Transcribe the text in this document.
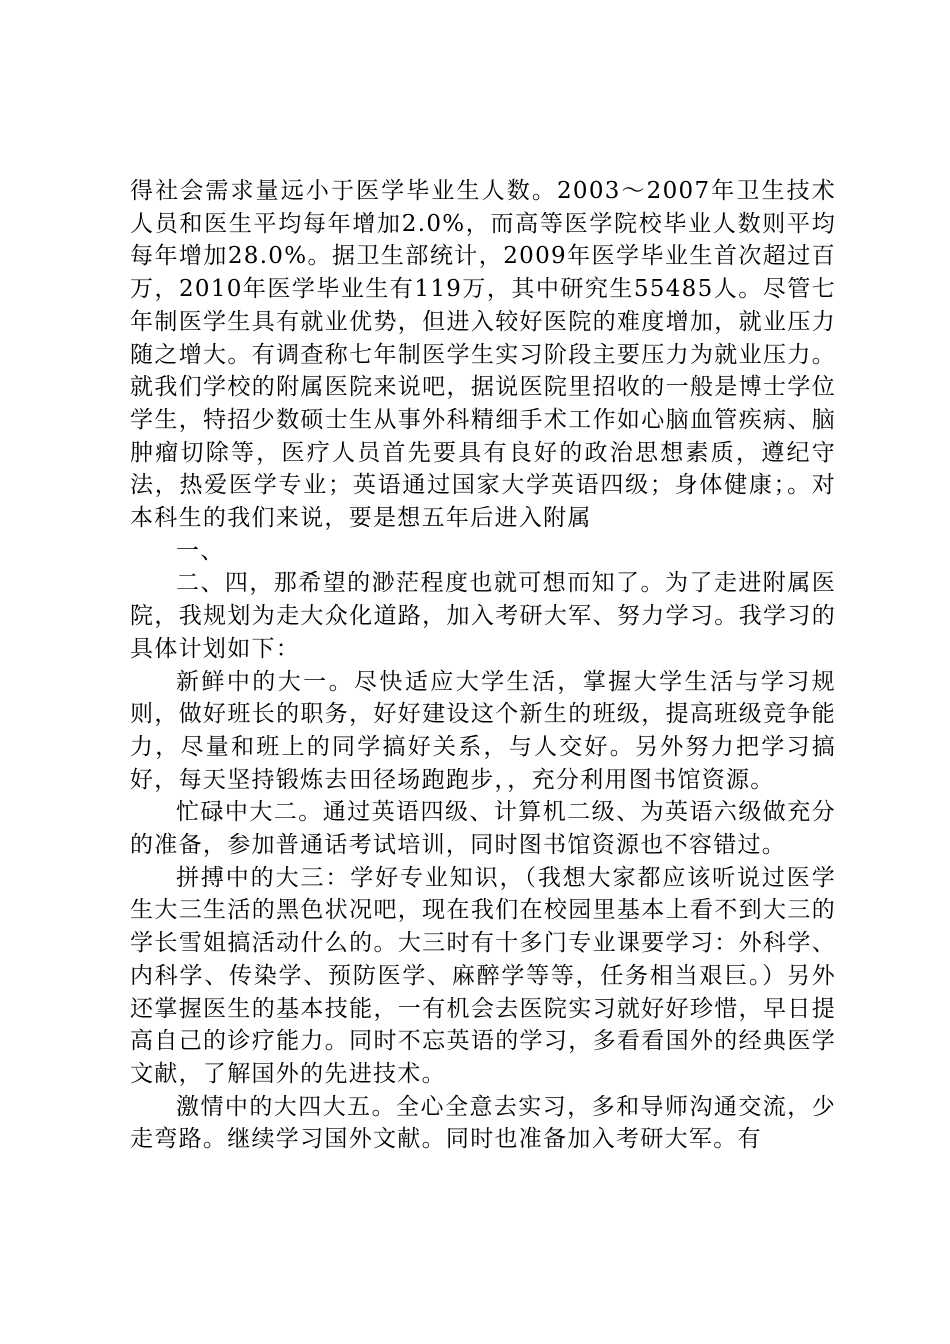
得社会需求量远小于医学毕业生人数。2003～2007年卫生技术人员和医生平均每年增加2.0%，而高等医学院校毕业人数则平均每年增加28.0%。据卫生部统计，2009年医学毕业生首次超过百万，2010年医学毕业生有119万，其中研究生55485人。尽管七年制医学生具有就业优势，但进入较好医院的难度增加，就业压力随之增大。有调查称七年制医学生实习阶段主要压力为就业压力。就我们学校的附属医院来说吧，据说医院里招收的一般是博士学位学生，特招少数硕士生从事外科精细手术工作如心脑血管疾病、脑肿瘤切除等，医疗人员首先要具有良好的政治思想素质，遵纪守法，热爱医学专业；英语通过国家大学英语四级；身体健康；。对本科生的我们来说，要是想五年后进入附属

一、

二、四，那希望的渺茫程度也就可想而知了。为了走进附属医院，我规划为走大众化道路，加入考研大军、努力学习。我学习的具体计划如下：

新鲜中的大一。尽快适应大学生活，掌握大学生活与学习规则，做好班长的职务，好好建设这个新生的班级，提高班级竞争能力，尽量和班上的同学搞好关系，与人交好。另外努力把学习搞好，每天坚持锻炼去田径场跑跑步，，充分利用图书馆资源。

忙碌中大二。通过英语四级、计算机二级、为英语六级做充分的准备，参加普通话考试培训，同时图书馆资源也不容错过。

拼搏中的大三：学好专业知识，（我想大家都应该听说过医学生大三生活的黑色状况吧，现在我们在校园里基本上看不到大三的学长雪姐搞活动什么的。大三时有十多门专业课要学习：外科学、内科学、传染学、预防医学、麻醉学等等，任务相当艰巨。）另外还掌握医生的基本技能，一有机会去医院实习就好好珍惜，早日提高自己的诊疗能力。同时不忘英语的学习，多看看国外的经典医学文献，了解国外的先进技术。

激情中的大四大五。全心全意去实习，多和导师沟通交流，少走弯路。继续学习国外文献。同时也准备加入考研大军。有
